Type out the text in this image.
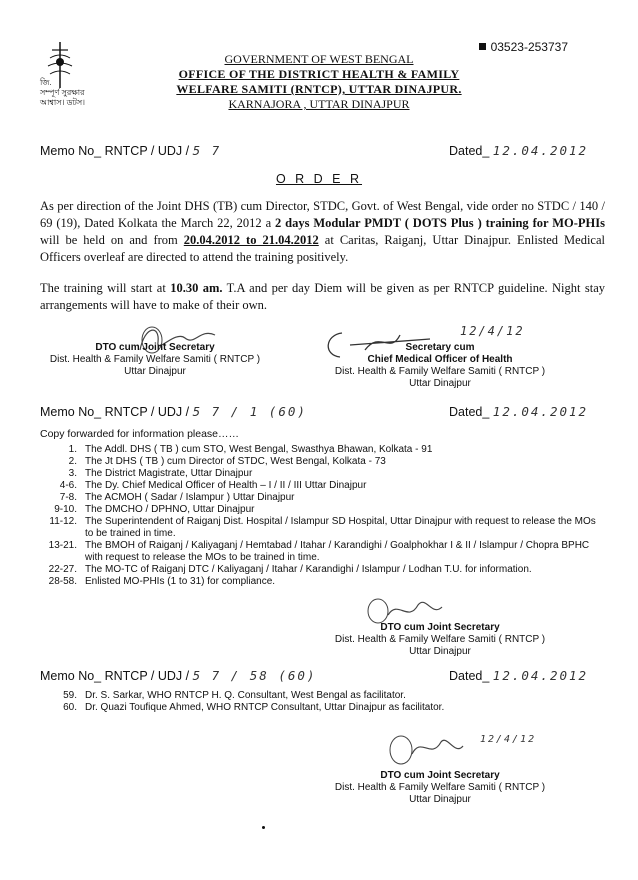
03523-253737
জি.
সম্পূর্ণ সুরক্ষার
আশ্বাস। ডটস।
GOVERNMENT OF WEST BENGAL
OFFICE OF THE DISTRICT HEALTH & FAMILY
WELFARE SAMITI (RNTCP), UTTAR DINAJPUR.
KARNAJORA , UTTAR DINAJPUR
Memo No_ RNTCP / UDJ / 5 7	Dated_ 12.04.2012
O R D E R
As per direction of the Joint DHS (TB) cum Director, STDC, Govt. of West Bengal, vide order no STDC / 140 / 69 (19), Dated Kolkata the March 22, 2012 a 2 days Modular PMDT ( DOTS Plus ) training for MO-PHIs will be held on and from 20.04.2012 to 21.04.2012 at Caritas, Raiganj, Uttar Dinajpur. Enlisted Medical Officers overleaf are directed to attend the training positively.
The training will start at 10.30 am. T.A and per day Diem will be given as per RNTCP guideline. Night stay arrangements will have to make of their own.
DTO cum Joint Secretary
Dist. Health & Family Welfare Samiti ( RNTCP )
Uttar Dinajpur
12/4/12
Secretary cum
Chief Medical Officer of Health
Dist. Health & Family Welfare Samiti ( RNTCP )
Uttar Dinajpur
Memo No_ RNTCP / UDJ / 5 7 / 1 (60)	Dated_ 12.04.2012
Copy forwarded for information please……
1. The Addl. DHS ( TB ) cum STO, West Bengal, Swasthya Bhawan, Kolkata - 91
2. The Jt DHS ( TB ) cum Director of STDC, West Bengal, Kolkata - 73
3. The District Magistrate, Uttar Dinajpur
4-6. The Dy. Chief Medical Officer of Health – I / II / III Uttar Dinajpur
7-8. The ACMOH ( Sadar / Islampur ) Uttar Dinajpur
9-10. The DMCHO / DPHNO, Uttar Dinajpur
11-12. The Superintendent of Raiganj Dist. Hospital / Islampur SD Hospital, Uttar Dinajpur with request to release the MOs to be trained in time.
13-21. The BMOH of Raiganj / Kaliyaganj / Hemtabad / Itahar / Karandighi / Goalphokhar I & II / Islampur / Chopra BPHC with request to release the MOs to be trained in time.
22-27. The MO-TC of Raiganj DTC / Kaliyaganj / Itahar / Karandighi / Islampur / Lodhan T.U. for information.
28-58. Enlisted MO-PHIs (1 to 31) for compliance.
DTO cum Joint Secretary
Dist. Health & Family Welfare Samiti ( RNTCP )
Uttar Dinajpur
Memo No_ RNTCP / UDJ / 5 7 / 58 (60)	Dated_ 12.04.2012
59. Dr. S. Sarkar, WHO RNTCP H. Q. Consultant, West Bengal as facilitator.
60. Dr. Quazi Toufique Ahmed, WHO RNTCP Consultant, Uttar Dinajpur as facilitator.
12/4/12
DTO cum Joint Secretary
Dist. Health & Family Welfare Samiti ( RNTCP )
Uttar Dinajpur
